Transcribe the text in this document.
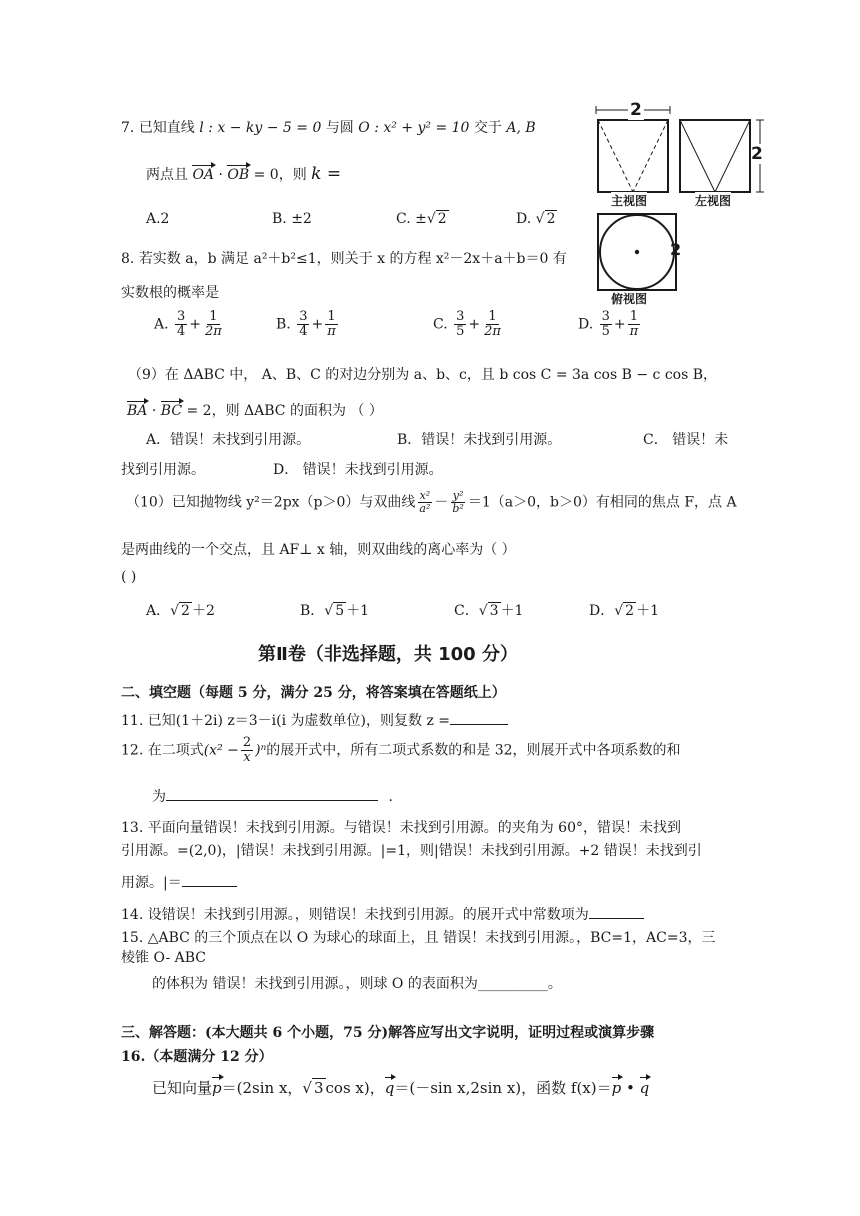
7. 已知直线 l : x − ky − 5 = 0 与圆 O : x² + y² = 10 交于 A, B
两点且 OA · OB = 0，则 k =
A.2	B. ±2	C. ±√ 2	D. √ 2
2
2
2
主视图	左视图
俯视图
8. 若实数 a，b 满足 a²＋b²≤1，则关于 x 的方程 x²－2x＋a＋b＝0 有
实数根的概率是
A. $\frac{3}{4} + \frac{1}{2\pi}$	B. $\frac{3}{4} + \frac{1}{\pi}$	C. $\frac{3}{5} + \frac{1}{2\pi}$	D. $\frac{3}{5} + \frac{1}{\pi}$
（9）在 ΔABC 中， A、B、C 的对边分别为 a、b、c，且 b cos C = 3a cos B − c cos B，
BA · BC = 2，则 ΔABC 的面积为 （ ）
A．错误！未找到引用源。	B．错误！未找到引用源。	C． 错误！未
找到引用源。	D． 错误！未找到引用源。
（10）已知抛物线 y²＝2px（p＞0）与双曲线 $\frac{\text{x²}}{\text{a²}} - \frac{\text{y²}}{\text{b²}} =1(a>0$，b＞0）有相同的焦点 F，点 A
是两曲线的一个交点，且 AF⊥ x 轴，则双曲线的离心率为（ ）
( )
A．√ 2 ＋2	B．√ 5 ＋1	C．√ 3 ＋1	D．√ 2 ＋1
第Ⅱ卷（非选择题，共 100 分）
二、填空题（每题 5 分，满分 25 分，将答案填在答题纸上）
11. 已知(1＋2i) z＝3－i(i 为虚数单位)，则复数 z =
12. 在二项式$(x^2 - \frac{2}{x} )^n$的展开式中，所有二项式系数的和是 32，则展开式中各项系数的和
为	.
13. 平面向量错误！未找到引用源。与错误！未找到引用源。的夹角为 60°，错误！未找到
引用源。=(2,0)，|错误！未找到引用源。|=1，则|错误！未找到引用源。+2 错误！未找到引
用源。|＝
14. 设错误！未找到引用源。，则错误！未找到引用源。的展开式中常数项为
15. △ABC 的三个顶点在以 O 为球心的球面上，且 错误！未找到引用源。，BC=1，AC=3，三
棱锥 O- ABC
的体积为 错误！未找到引用源。，则球 O 的表面积为__________。
三、解答题：(本大题共 6 个小题，75 分)解答应写出文字说明，证明过程或演算步骤
16.（本题满分 12 分）
已知向量p＝(2sin x，√ 3 cos x)，q＝(－sin x,2sin x)，函数 f(x)＝p • q
